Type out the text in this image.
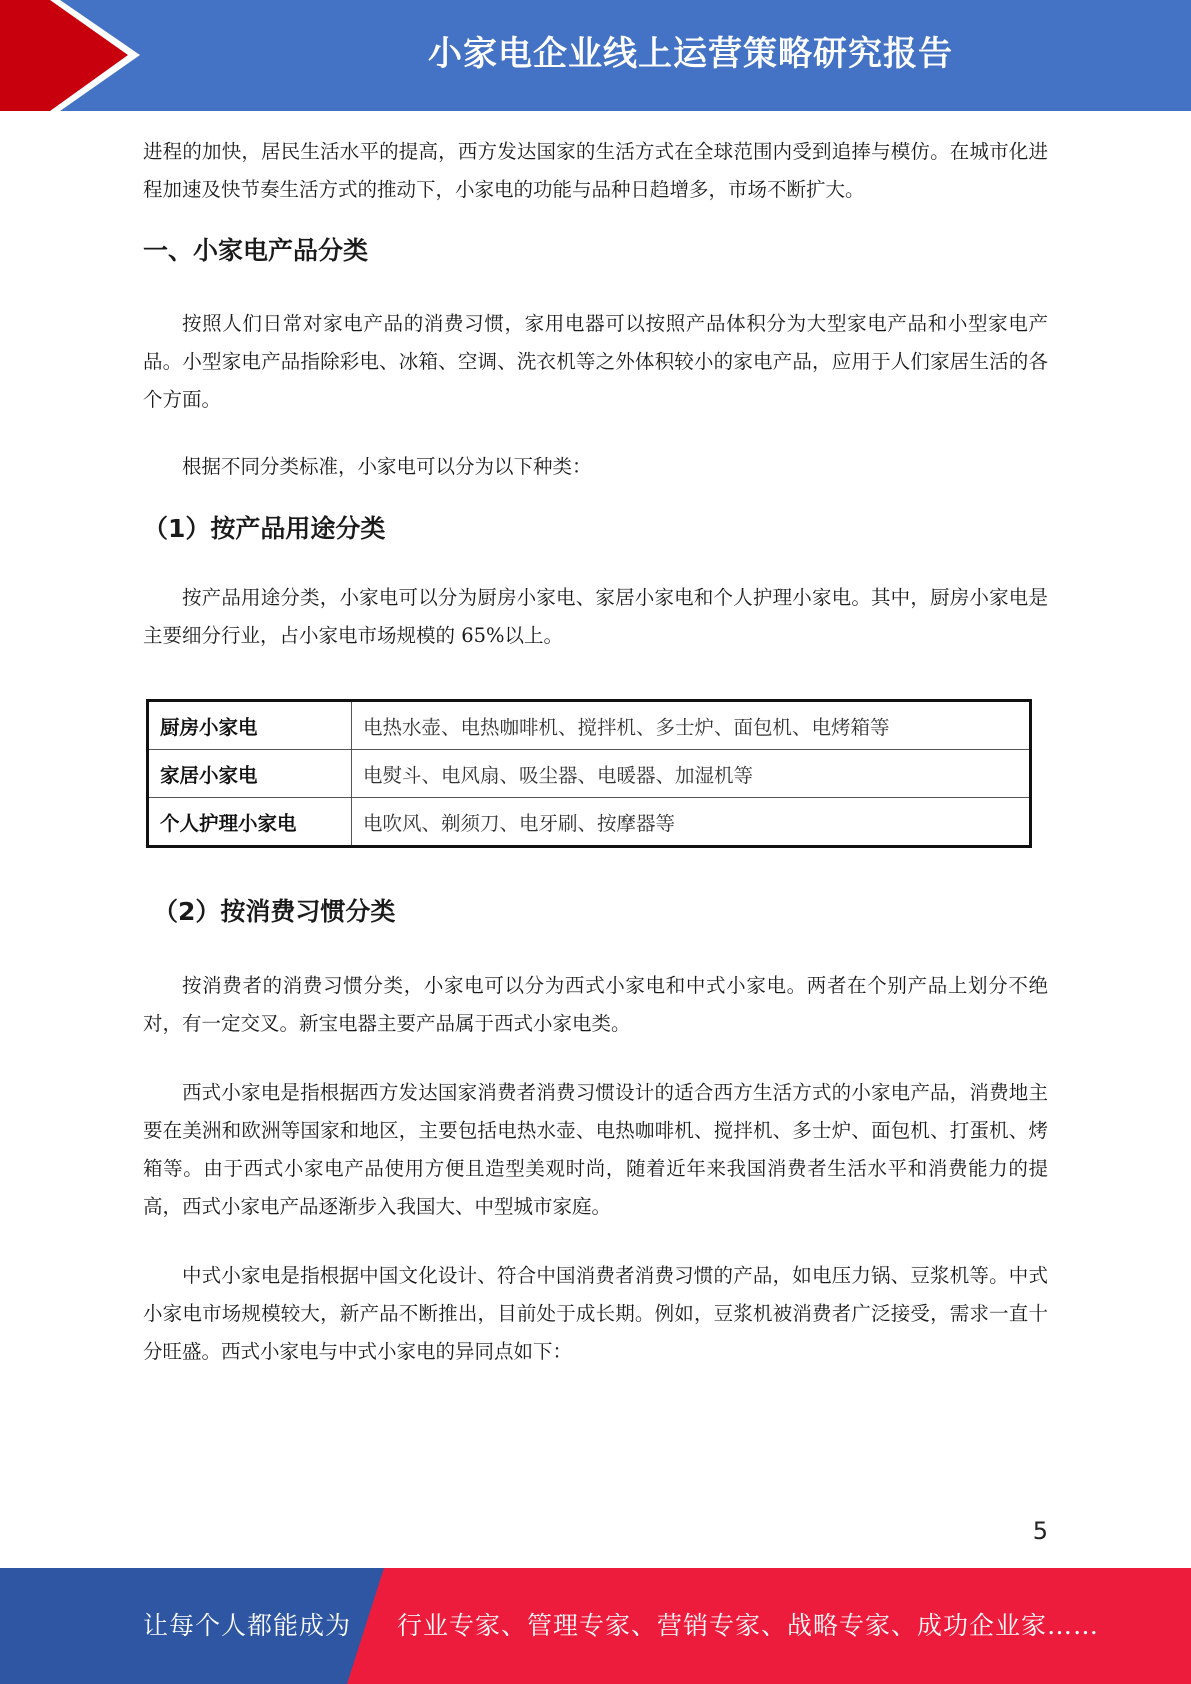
小家电企业线上运营策略研究报告

进程的加快，居民生活水平的提高，西方发达国家的生活方式在全球范围内受到追捧与模仿。在城市化进程加速及快节奏生活方式的推动下，小家电的功能与品种日趋增多，市场不断扩大。

一、小家电产品分类

按照人们日常对家电产品的消费习惯，家用电器可以按照产品体积分为大型家电产品和小型家电产品。小型家电产品指除彩电、冰箱、空调、洗衣机等之外体积较小的家电产品，应用于人们家居生活的各个方面。

根据不同分类标准，小家电可以分为以下种类：

（1）按产品用途分类

按产品用途分类，小家电可以分为厨房小家电、家居小家电和个人护理小家电。其中，厨房小家电是主要细分行业，占小家电市场规模的 65%以上。

厨房小家电	电热水壶、电热咖啡机、搅拌机、多士炉、面包机、电烤箱等
家居小家电	电熨斗、电风扇、吸尘器、电暖器、加湿机等
个人护理小家电	电吹风、剃须刀、电牙刷、按摩器等
（2）按消费习惯分类

按消费者的消费习惯分类，小家电可以分为西式小家电和中式小家电。两者在个别产品上划分不绝对，有一定交叉。新宝电器主要产品属于西式小家电类。

西式小家电是指根据西方发达国家消费者消费习惯设计的适合西方生活方式的小家电产品，消费地主要在美洲和欧洲等国家和地区，主要包括电热水壶、电热咖啡机、搅拌机、多士炉、面包机、打蛋机、烤箱等。由于西式小家电产品使用方便且造型美观时尚，随着近年来我国消费者生活水平和消费能力的提高，西式小家电产品逐渐步入我国大、中型城市家庭。

中式小家电是指根据中国文化设计、符合中国消费者消费习惯的产品，如电压力锅、豆浆机等。中式小家电市场规模较大，新产品不断推出，目前处于成长期。例如，豆浆机被消费者广泛接受，需求一直十分旺盛。西式小家电与中式小家电的异同点如下：

5
让每个人都能成为 行业专家、管理专家、营销专家、战略专家、成功企业家……
